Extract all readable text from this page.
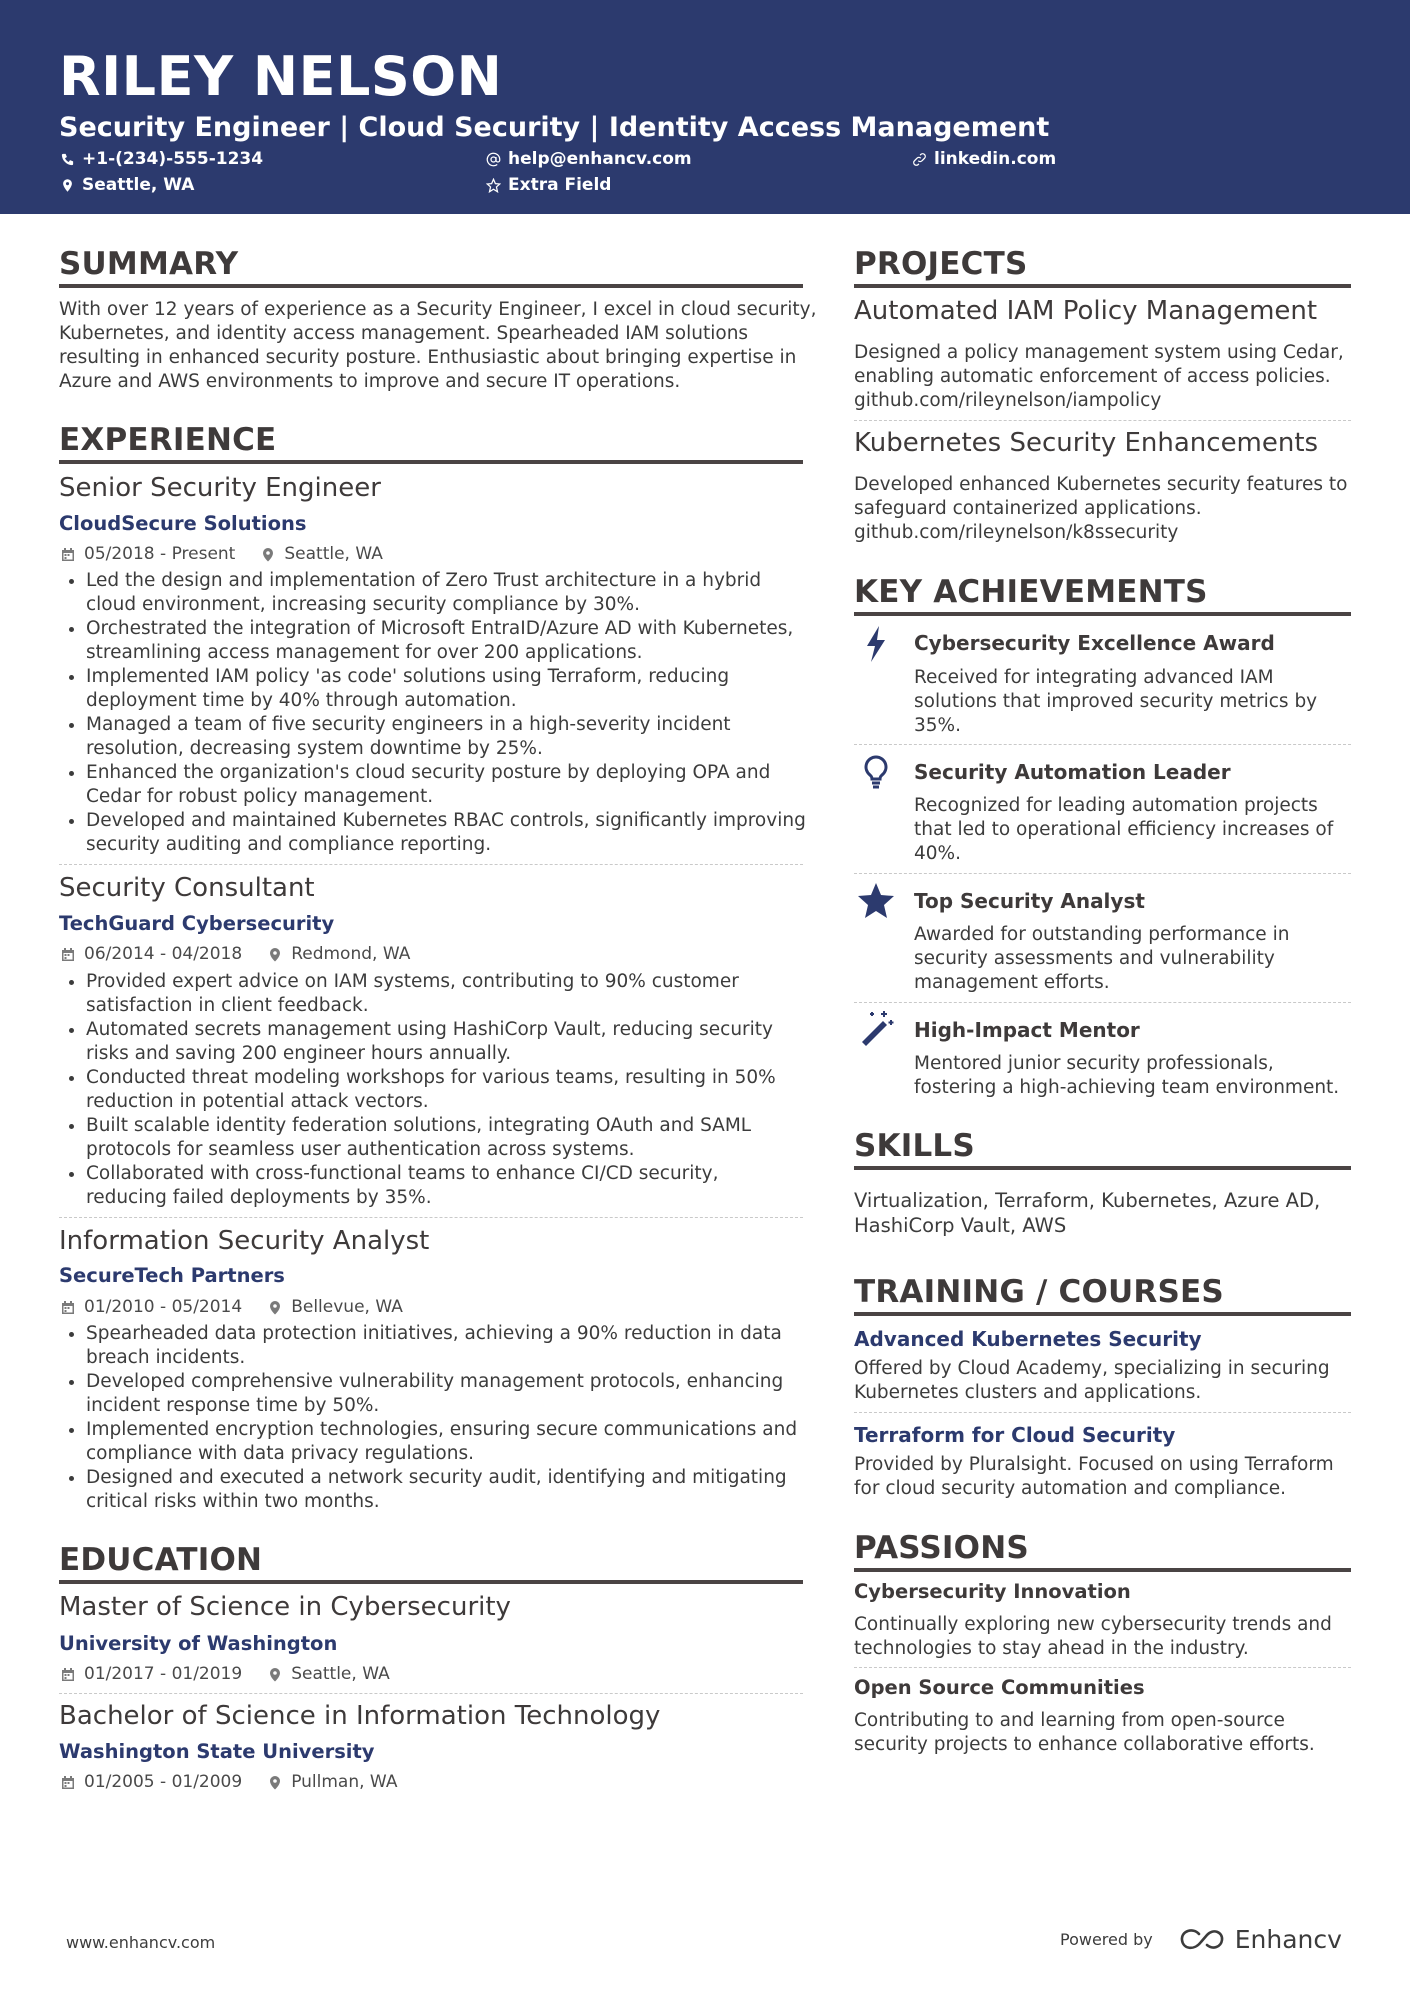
RILEY NELSON
Security Engineer | Cloud Security | Identity Access Management
+1-(234)-555-1234	help@enhancv.com	linkedin.com
Seattle, WA	Extra Field
SUMMARY
With over 12 years of experience as a Security Engineer, I excel in cloud security,
Kubernetes, and identity access management. Spearheaded IAM solutions
resulting in enhanced security posture. Enthusiastic about bringing expertise in
Azure and AWS environments to improve and secure IT operations.
EXPERIENCE
Senior Security Engineer
CloudSecure Solutions
05/2018 - Present	Seattle, WA
Led the design and implementation of Zero Trust architecture in a hybrid
cloud environment, increasing security compliance by 30%.
Orchestrated the integration of Microsoft EntraID/Azure AD with Kubernetes,
streamlining access management for over 200 applications.
Implemented IAM policy 'as code' solutions using Terraform, reducing
deployment time by 40% through automation.
Managed a team of five security engineers in a high-severity incident
resolution, decreasing system downtime by 25%.
Enhanced the organization's cloud security posture by deploying OPA and
Cedar for robust policy management.
Developed and maintained Kubernetes RBAC controls, significantly improving
security auditing and compliance reporting.
Security Consultant
TechGuard Cybersecurity
06/2014 - 04/2018	Redmond, WA
Provided expert advice on IAM systems, contributing to 90% customer
satisfaction in client feedback.
Automated secrets management using HashiCorp Vault, reducing security
risks and saving 200 engineer hours annually.
Conducted threat modeling workshops for various teams, resulting in 50%
reduction in potential attack vectors.
Built scalable identity federation solutions, integrating OAuth and SAML
protocols for seamless user authentication across systems.
Collaborated with cross-functional teams to enhance CI/CD security,
reducing failed deployments by 35%.
Information Security Analyst
SecureTech Partners
01/2010 - 05/2014	Bellevue, WA
Spearheaded data protection initiatives, achieving a 90% reduction in data
breach incidents.
Developed comprehensive vulnerability management protocols, enhancing
incident response time by 50%.
Implemented encryption technologies, ensuring secure communications and
compliance with data privacy regulations.
Designed and executed a network security audit, identifying and mitigating
critical risks within two months.
EDUCATION
Master of Science in Cybersecurity
University of Washington
01/2017 - 01/2019	Seattle, WA
Bachelor of Science in Information Technology
Washington State University
01/2005 - 01/2009	Pullman, WA
PROJECTS
Automated IAM Policy Management
Designed a policy management system using Cedar,
enabling automatic enforcement of access policies.
github.com/rileynelson/iampolicy
Kubernetes Security Enhancements
Developed enhanced Kubernetes security features to
safeguard containerized applications.
github.com/rileynelson/k8ssecurity
KEY ACHIEVEMENTS
Cybersecurity Excellence Award
Received for integrating advanced IAM
solutions that improved security metrics by
35%.
Security Automation Leader
Recognized for leading automation projects
that led to operational efficiency increases of
40%.
Top Security Analyst
Awarded for outstanding performance in
security assessments and vulnerability
management efforts.
High-Impact Mentor
Mentored junior security professionals,
fostering a high-achieving team environment.
SKILLS
Virtualization, Terraform, Kubernetes, Azure AD,
HashiCorp Vault, AWS
TRAINING / COURSES
Advanced Kubernetes Security
Offered by Cloud Academy, specializing in securing
Kubernetes clusters and applications.
Terraform for Cloud Security
Provided by Pluralsight. Focused on using Terraform
for cloud security automation and compliance.
PASSIONS
Cybersecurity Innovation
Continually exploring new cybersecurity trends and
technologies to stay ahead in the industry.
Open Source Communities
Contributing to and learning from open-source
security projects to enhance collaborative efforts.
www.enhancv.com	Powered by	Enhancv
